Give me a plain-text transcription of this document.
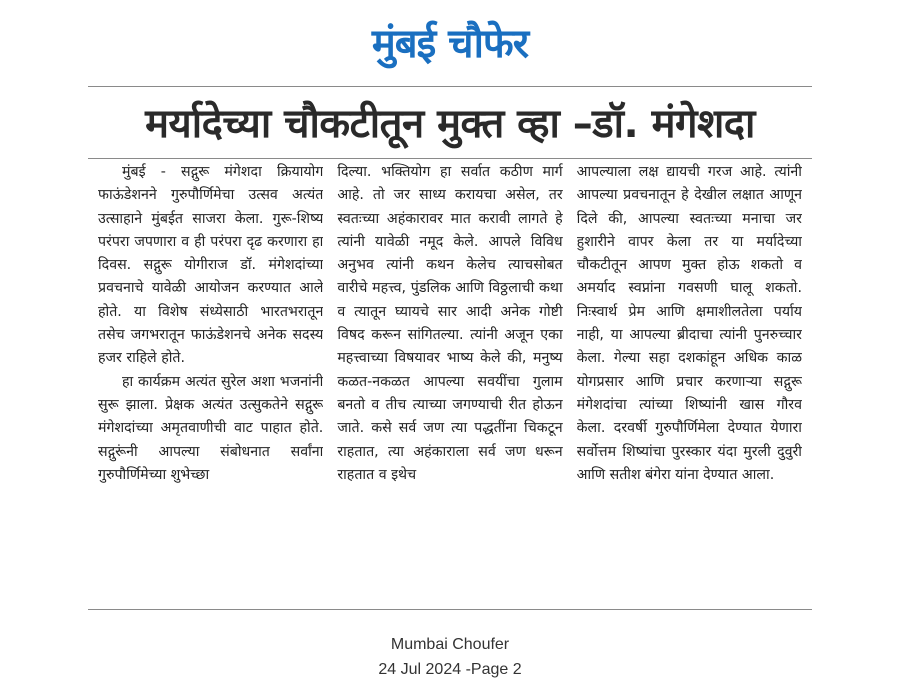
मुंबई चौफेर
मर्यादेच्या चौकटीतून मुक्त व्हा –डॉ. मंगेशदा

मुंबई - सद्गुरू मंगेशदा क्रियायोग फाऊंडेशनने गुरुपौर्णिमेचा उत्सव अत्यंत उत्साहाने मुंबईत साजरा केला. गुरू-शिष्य परंपरा जपणारा व ही परंपरा दृढ करणारा हा दिवस. सद्गुरू योगीराज डॉ. मंगेशदांच्या प्रवचनाचे यावेळी आयोजन करण्यात आले होते. या विशेष संध्येसाठी भारतभरातून तसेच जगभरातून फाऊंडेशनचे अनेक सदस्य हजर राहिले होते.

हा कार्यक्रम अत्यंत सुरेल अशा भजनांनी सुरू झाला. प्रेक्षक अत्यंत उत्सुकतेने सद्गुरू मंगेशदांच्या अमृतवाणीची वाट पाहात होते. सद्गुरूंनी आपल्या संबोधनात सर्वांना गुरुपौर्णिमेच्या शुभेच्छा

दिल्या. भक्तियोग हा सर्वात कठीण मार्ग आहे. तो जर साध्य करायचा असेल, तर स्वतःच्या अहंकारावर मात करावी लागते हे त्यांनी यावेळी नमूद केले. आपले विविध अनुभव त्यांनी कथन केलेच त्याचसोबत वारीचे महत्त्व, पुंडलिक आणि विठ्ठलाची कथा व त्यातून घ्यायचे सार आदी अनेक गोष्टी विषद करून सांगितल्या. त्यांनी अजून एका महत्त्वाच्या विषयावर भाष्य केले की, मनुष्य कळत-नकळत आपल्या सवयींचा गुलाम बनतो व तीच त्याच्या जगण्याची रीत होऊन जाते. कसे सर्व जण त्या पद्धतींना चिकटून राहतात, त्या अहंकाराला सर्व जण धरून राहतात व इथेच

आपल्याला लक्ष द्यायची गरज आहे. त्यांनी आपल्या प्रवचनातून हे देखील लक्षात आणून दिले की, आपल्या स्वतःच्या मनाचा जर हुशारीने वापर केला तर या मर्यादेच्या चौकटीतून आपण मुक्त होऊ शकतो व अमर्याद स्वप्नांना गवसणी घालू शकतो. निःस्वार्थ प्रेम आणि क्षमाशीलतेला पर्याय नाही, या आपल्या ब्रीदाचा त्यांनी पुनरुच्चार केला. गेल्या सहा दशकांहून अधिक काळ योगप्रसार आणि प्रचार करणाऱ्या सद्गुरू मंगेशदांचा त्यांच्या शिष्यांनी खास गौरव केला. दरवर्षी गुरुपौर्णिमेला देण्यात येणारा सर्वोत्तम शिष्यांचा पुरस्कार यंदा मुरली दुवुरी आणि सतीश बंगेरा यांना देण्यात आला.

Mumbai Choufer
24 Jul 2024 -Page 2
